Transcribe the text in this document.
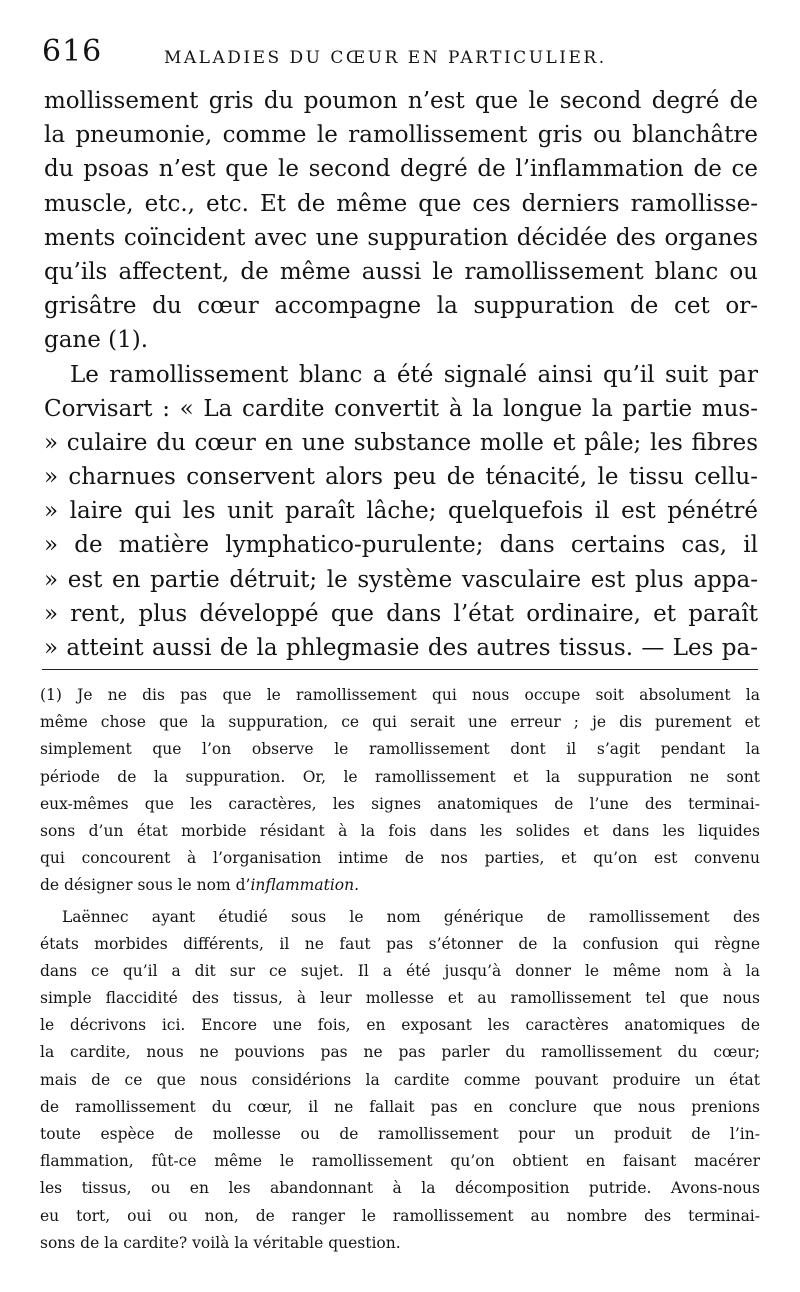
616	MALADIES DU CŒUR EN PARTICULIER.
mollissement gris du poumon n’est que le second degré de
la pneumonie, comme le ramollissement gris ou blanchâtre
du psoas n’est que le second degré de l’inflammation de ce
muscle, etc., etc. Et de même que ces derniers ramollisse-
ments coïncident avec une suppuration décidée des organes
qu’ils affectent, de même aussi le ramollissement blanc ou
grisâtre du cœur accompagne la suppuration de cet or-
gane (1).
Le ramollissement blanc a été signalé ainsi qu’il suit par
Corvisart : « La cardite convertit à la longue la partie mus-
» culaire du cœur en une substance molle et pâle; les fibres
» charnues conservent alors peu de ténacité, le tissu cellu-
» laire qui les unit paraît lâche; quelquefois il est pénétré
» de matière lymphatico-purulente; dans certains cas, il
» est en partie détruit; le système vasculaire est plus appa-
» rent, plus développé que dans l’état ordinaire, et paraît
» atteint aussi de la phlegmasie des autres tissus. — Les pa-
(1) Je ne dis pas que le ramollissement qui nous occupe soit absolument la
même chose que la suppuration, ce qui serait une erreur ; je dis purement et
simplement que l’on observe le ramollissement dont il s’agit pendant la
période de la suppuration. Or, le ramollissement et la suppuration ne sont
eux-mêmes que les caractères, les signes anatomiques de l’une des terminai-
sons d’un état morbide résidant à la fois dans les solides et dans les liquides
qui concourent à l’organisation intime de nos parties, et qu’on est convenu
de désigner sous le nom d’inflammation.
Laënnec ayant étudié sous le nom générique de ramollissement des
états morbides différents, il ne faut pas s’étonner de la confusion qui règne
dans ce qu’il a dit sur ce sujet. Il a été jusqu’à donner le même nom à la
simple flaccidité des tissus, à leur mollesse et au ramollissement tel que nous
le décrivons ici. Encore une fois, en exposant les caractères anatomiques de
la cardite, nous ne pouvions pas ne pas parler du ramollissement du cœur;
mais de ce que nous considérions la cardite comme pouvant produire un état
de ramollissement du cœur, il ne fallait pas en conclure que nous prenions
toute espèce de mollesse ou de ramollissement pour un produit de l’in-
flammation, fût-ce même le ramollissement qu’on obtient en faisant macérer
les tissus, ou en les abandonnant à la décomposition putride. Avons-nous
eu tort, oui ou non, de ranger le ramollissement au nombre des terminai-
sons de la cardite? voilà la véritable question.
